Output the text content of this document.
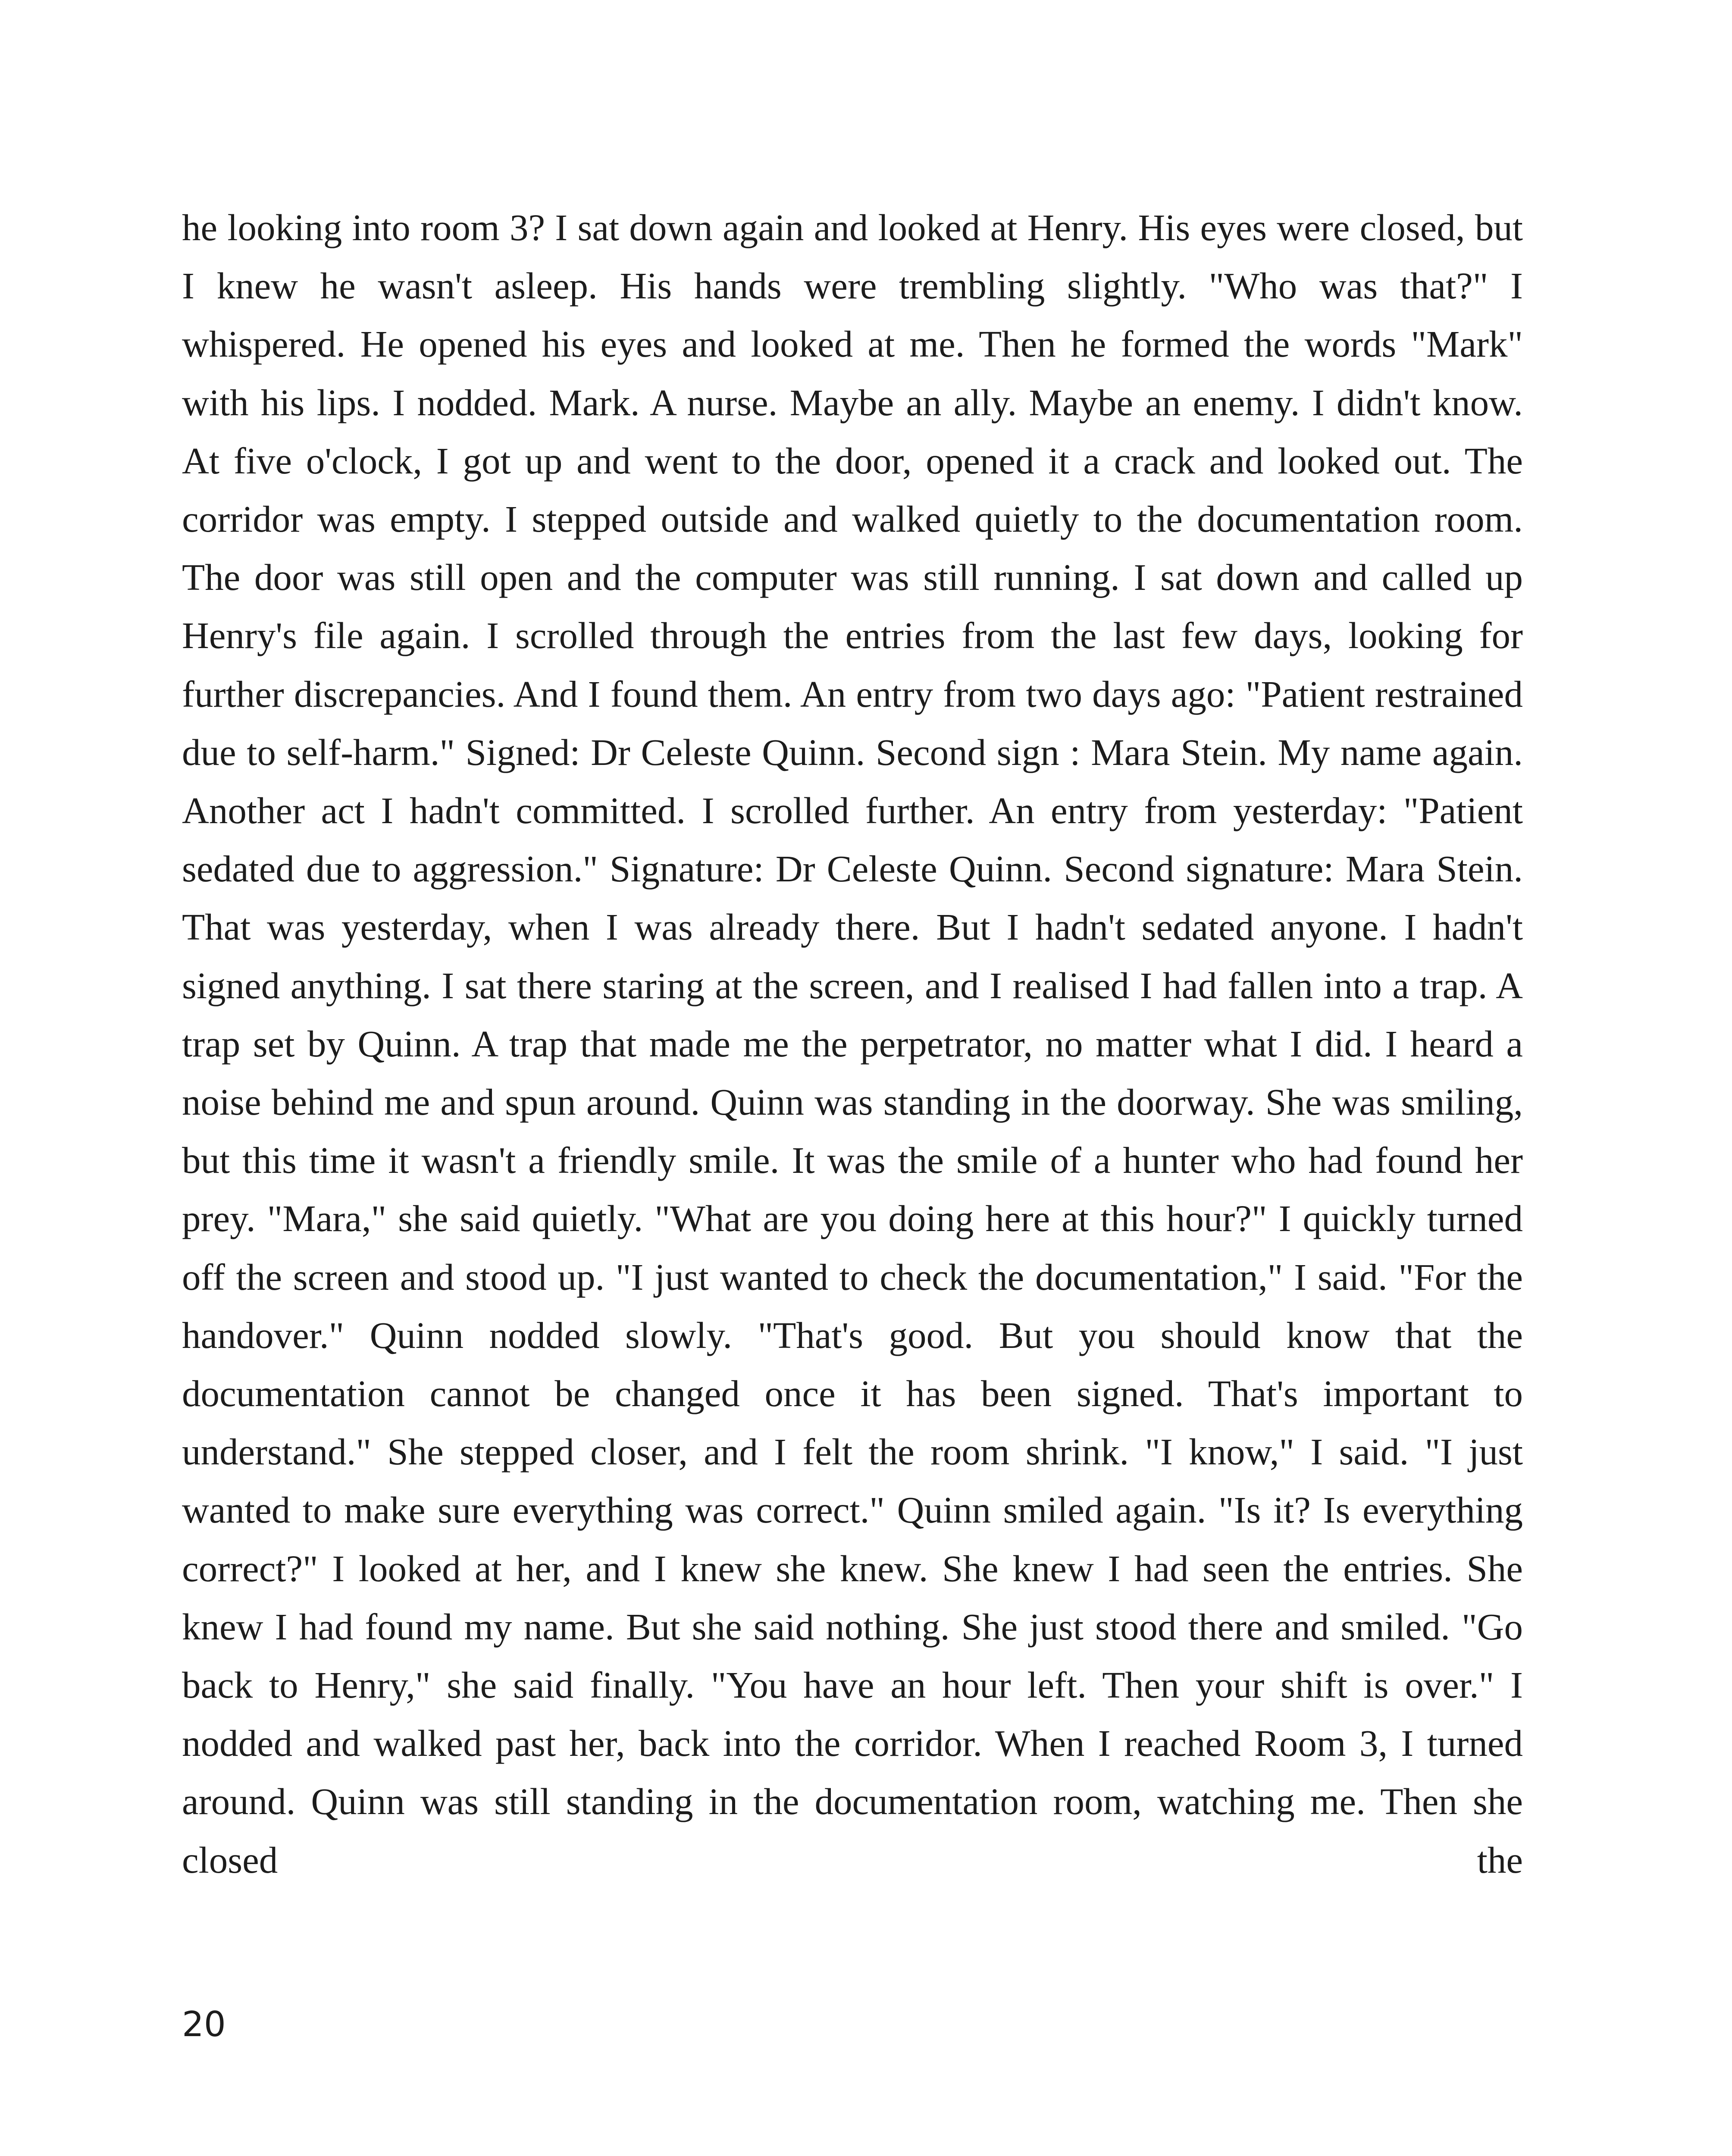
he looking into room 3? I sat down again and looked at Henry. His eyes were closed, but I knew he wasn't asleep. His hands were trembling slightly. "Who was that?" I whispered. He opened his eyes and looked at me. Then he formed the words "Mark" with his lips. I nodded. Mark. A nurse. Maybe an ally. Maybe an enemy. I didn't know. At five o'clock, I got up and went to the door, opened it a crack and looked out. The corridor was empty. I stepped outside and walked quietly to the documentation room. The door was still open and the computer was still running. I sat down and called up Henry's file again. I scrolled through the entries from the last few days, looking for further discrepancies. And I found them. An entry from two days ago: "Patient restrained due to self-harm." Signed: Dr Celeste Quinn. Second sign : Mara Stein. My name again. Another act I hadn't committed. I scrolled further. An entry from yesterday: "Patient sedated due to aggression." Signature: Dr Celeste Quinn. Second signature: Mara Stein. That was yesterday, when I was already there. But I hadn't sedated anyone. I hadn't signed anything. I sat there staring at the screen, and I realised I had fallen into a trap. A trap set by Quinn. A trap that made me the perpetrator, no matter what I did. I heard a noise behind me and spun around. Quinn was standing in the doorway. She was smiling, but this time it wasn't a friendly smile. It was the smile of a hunter who had found her prey. "Mara," she said quietly. "What are you doing here at this hour?" I quickly turned off the screen and stood up. "I just wanted to check the documentation," I said. "For the handover." Quinn nodded slowly. "That's good. But you should know that the documentation cannot be changed once it has been signed. That's important to understand." She stepped closer, and I felt the room shrink. "I know," I said. "I just wanted to make sure everything was correct." Quinn smiled again. "Is it? Is everything correct?" I looked at her, and I knew she knew. She knew I had seen the entries. She knew I had found my name. But she said nothing. She just stood there and smiled. "Go back to Henry," she said finally. "You have an hour left. Then your shift is over." I nodded and walked past her, back into the corridor. When I reached Room 3, I turned around. Quinn was still standing in the documentation room, watching me. Then she closed the

20
